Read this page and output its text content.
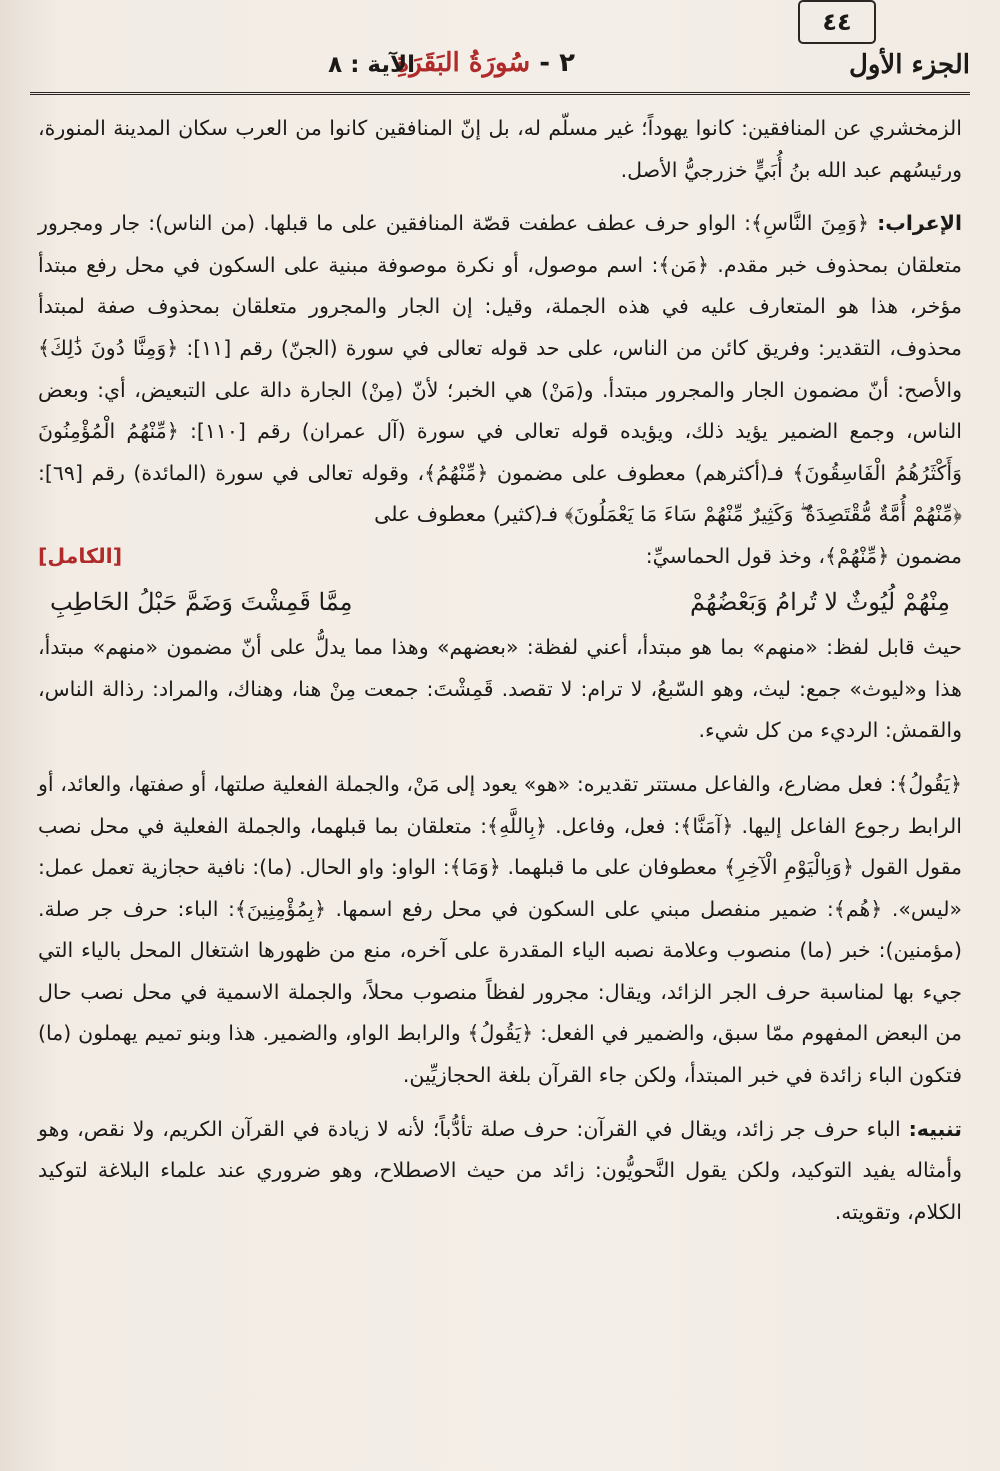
الجزء الأول
٢ - سُورَةُ البَقَرَةِ
الآية : ٨
٤٤

الزمخشري عن المنافقين: كانوا يهوداً؛ غير مسلّم له، بل إنّ المنافقين كانوا من العرب سكان المدينة المنورة، ورئيسُهم عبد الله بنُ أُبَيٍّ خزرجيُّ الأصل.

الإعراب: ﴿وَمِنَ النَّاسِ﴾: الواو حرف عطف عطفت قصّة المنافقين على ما قبلها. (من الناس): جار ومجرور متعلقان بمحذوف خبر مقدم. ﴿مَن﴾: اسم موصول، أو نكرة موصوفة مبنية على السكون في محل رفع مبتدأ مؤخر، هذا هو المتعارف عليه في هذه الجملة، وقيل: إن الجار والمجرور متعلقان بمحذوف صفة لمبتدأ محذوف، التقدير: وفريق كائن من الناس، على حد قوله تعالى في سورة (الجنّ) رقم [١١]: ﴿وَمِنَّا دُونَ ذَٰلِكَ﴾ والأصح: أنّ مضمون الجار والمجرور مبتدأ. و(مَنْ) هي الخبر؛ لأنّ (مِنْ) الجارة دالة على التبعيض، أي: وبعض الناس، وجمع الضمير يؤيد ذلك، ويؤيده قوله تعالى في سورة (آل عمران) رقم [١١٠]: ﴿مِّنْهُمُ الْمُؤْمِنُونَ وَأَكْثَرُهُمُ الْفَاسِقُونَ﴾ فـ(أكثرهم) معطوف على مضمون ﴿مِّنْهُمُ﴾، وقوله تعالى في سورة (المائدة) رقم [٦٩]: ﴿مِّنْهُمْ أُمَّةٌ مُّقْتَصِدَةٌ ۖ وَكَثِيرٌ مِّنْهُمْ سَاءَ مَا يَعْمَلُونَ﴾ فـ(كثير) معطوف على

مضمون ﴿مِّنْهُمْ﴾، وخذ قول الحماسيِّ:
[الكامل]
مِنْهُمْ لُيُوثٌ لا تُرامُ وَبَعْضُهُمْ
مِمَّا قَمِشْتَ وَضَمَّ حَبْلُ الحَاطِبِ

حيث قابل لفظ: «منهم» بما هو مبتدأ، أعني لفظة: «بعضهم» وهذا مما يدلُّ على أنّ مضمون «منهم» مبتدأ، هذا و«ليوث» جمع: ليث، وهو السّبعُ، لا ترام: لا تقصد. قَمِشْتَ: جمعت مِنْ هنا، وهناك، والمراد: رذالة الناس، والقمش: الرديء من كل شيء.

﴿يَقُولُ﴾: فعل مضارع، والفاعل مستتر تقديره: «هو» يعود إلى مَنْ، والجملة الفعلية صلتها، أو صفتها، والعائد، أو الرابط رجوع الفاعل إليها. ﴿آمَنَّا﴾: فعل، وفاعل. ﴿بِاللَّهِ﴾: متعلقان بما قبلهما، والجملة الفعلية في محل نصب مقول القول ﴿وَبِالْيَوْمِ الْآخِرِ﴾ معطوفان على ما قبلهما. ﴿وَمَا﴾: الواو: واو الحال. (ما): نافية حجازية تعمل عمل: «ليس». ﴿هُم﴾: ضمير منفصل مبني على السكون في محل رفع اسمها. ﴿بِمُؤْمِنِينَ﴾: الباء: حرف جر صلة. (مؤمنين): خبر (ما) منصوب وعلامة نصبه الياء المقدرة على آخره، منع من ظهورها اشتغال المحل بالياء التي جيء بها لمناسبة حرف الجر الزائد، ويقال: مجرور لفظاً منصوب محلاً، والجملة الاسمية في محل نصب حال من البعض المفهوم ممّا سبق، والضمير في الفعل: ﴿يَقُولُ﴾ والرابط الواو، والضمير. هذا وبنو تميم يهملون (ما) فتكون الباء زائدة في خبر المبتدأ، ولكن جاء القرآن بلغة الحجازيِّين.

تنبيه: الباء حرف جر زائد، ويقال في القرآن: حرف صلة تأدُّباً؛ لأنه لا زيادة في القرآن الكريم، ولا نقص، وهو وأمثاله يفيد التوكيد، ولكن يقول النَّحويُّون: زائد من حيث الاصطلاح، وهو ضروري عند علماء البلاغة لتوكيد الكلام، وتقويته.
